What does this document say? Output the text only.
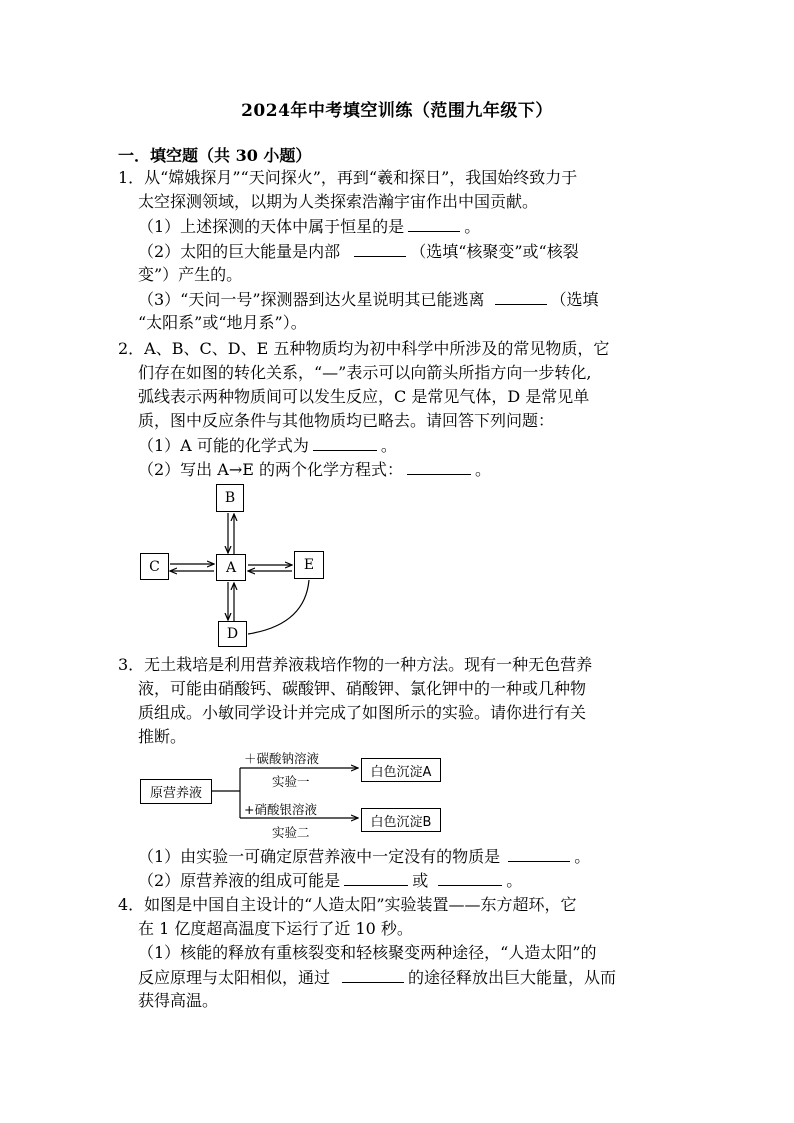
2024年中考填空训练（范围九年级下）
一．填空题（共 30 小题）
1．从“嫦娥探月”“天问探火”，再到“羲和探日”，我国始终致力于
太空探测领域，以期为人类探索浩瀚宇宙作出中国贡献。
（1）上述探测的天体中属于恒星的是	。
（2）太阳的巨大能量是内部	（选填“核聚变”或“核裂
变”）产生的。
（3）“天问一号”探测器到达火星说明其已能逃离	（选填
“太阳系”或“地月系”）。
2．A、B、C、D、E 五种物质均为初中科学中所涉及的常见物质，它
们存在如图的转化关系，“—”表示可以向箭头所指方向一步转化,
弧线表示两种物质间可以发生反应，C 是常见气体，D 是常见单
质，图中反应条件与其他物质均已略去。请回答下列问题：
（1）A 可能的化学式为	。
（2）写出 A→E 的两个化学方程式：	。
B
C	A	E
D
3．无土栽培是利用营养液栽培作物的一种方法。现有一种无色营养
液，可能由硝酸钙、碳酸钾、硝酸钾、氯化钾中的一种或几种物
质组成。小敏同学设计并完成了如图所示的实验。请你进行有关
推断。
原营养液
＋碳酸钠溶液
实验一
白色沉淀A
+硝酸银溶液
实验二
白色沉淀B
（1）由实验一可确定原营养液中一定没有的物质是	。
（2）原营养液的组成可能是	或	。
4．如图是中国自主设计的“人造太阳”实验装置——东方超环，它
在 1 亿度超高温度下运行了近 10 秒。
（1）核能的释放有重核裂变和轻核聚变两种途径，“人造太阳”的
反应原理与太阳相似，通过	的途径释放出巨大能量，从而
获得高温。
